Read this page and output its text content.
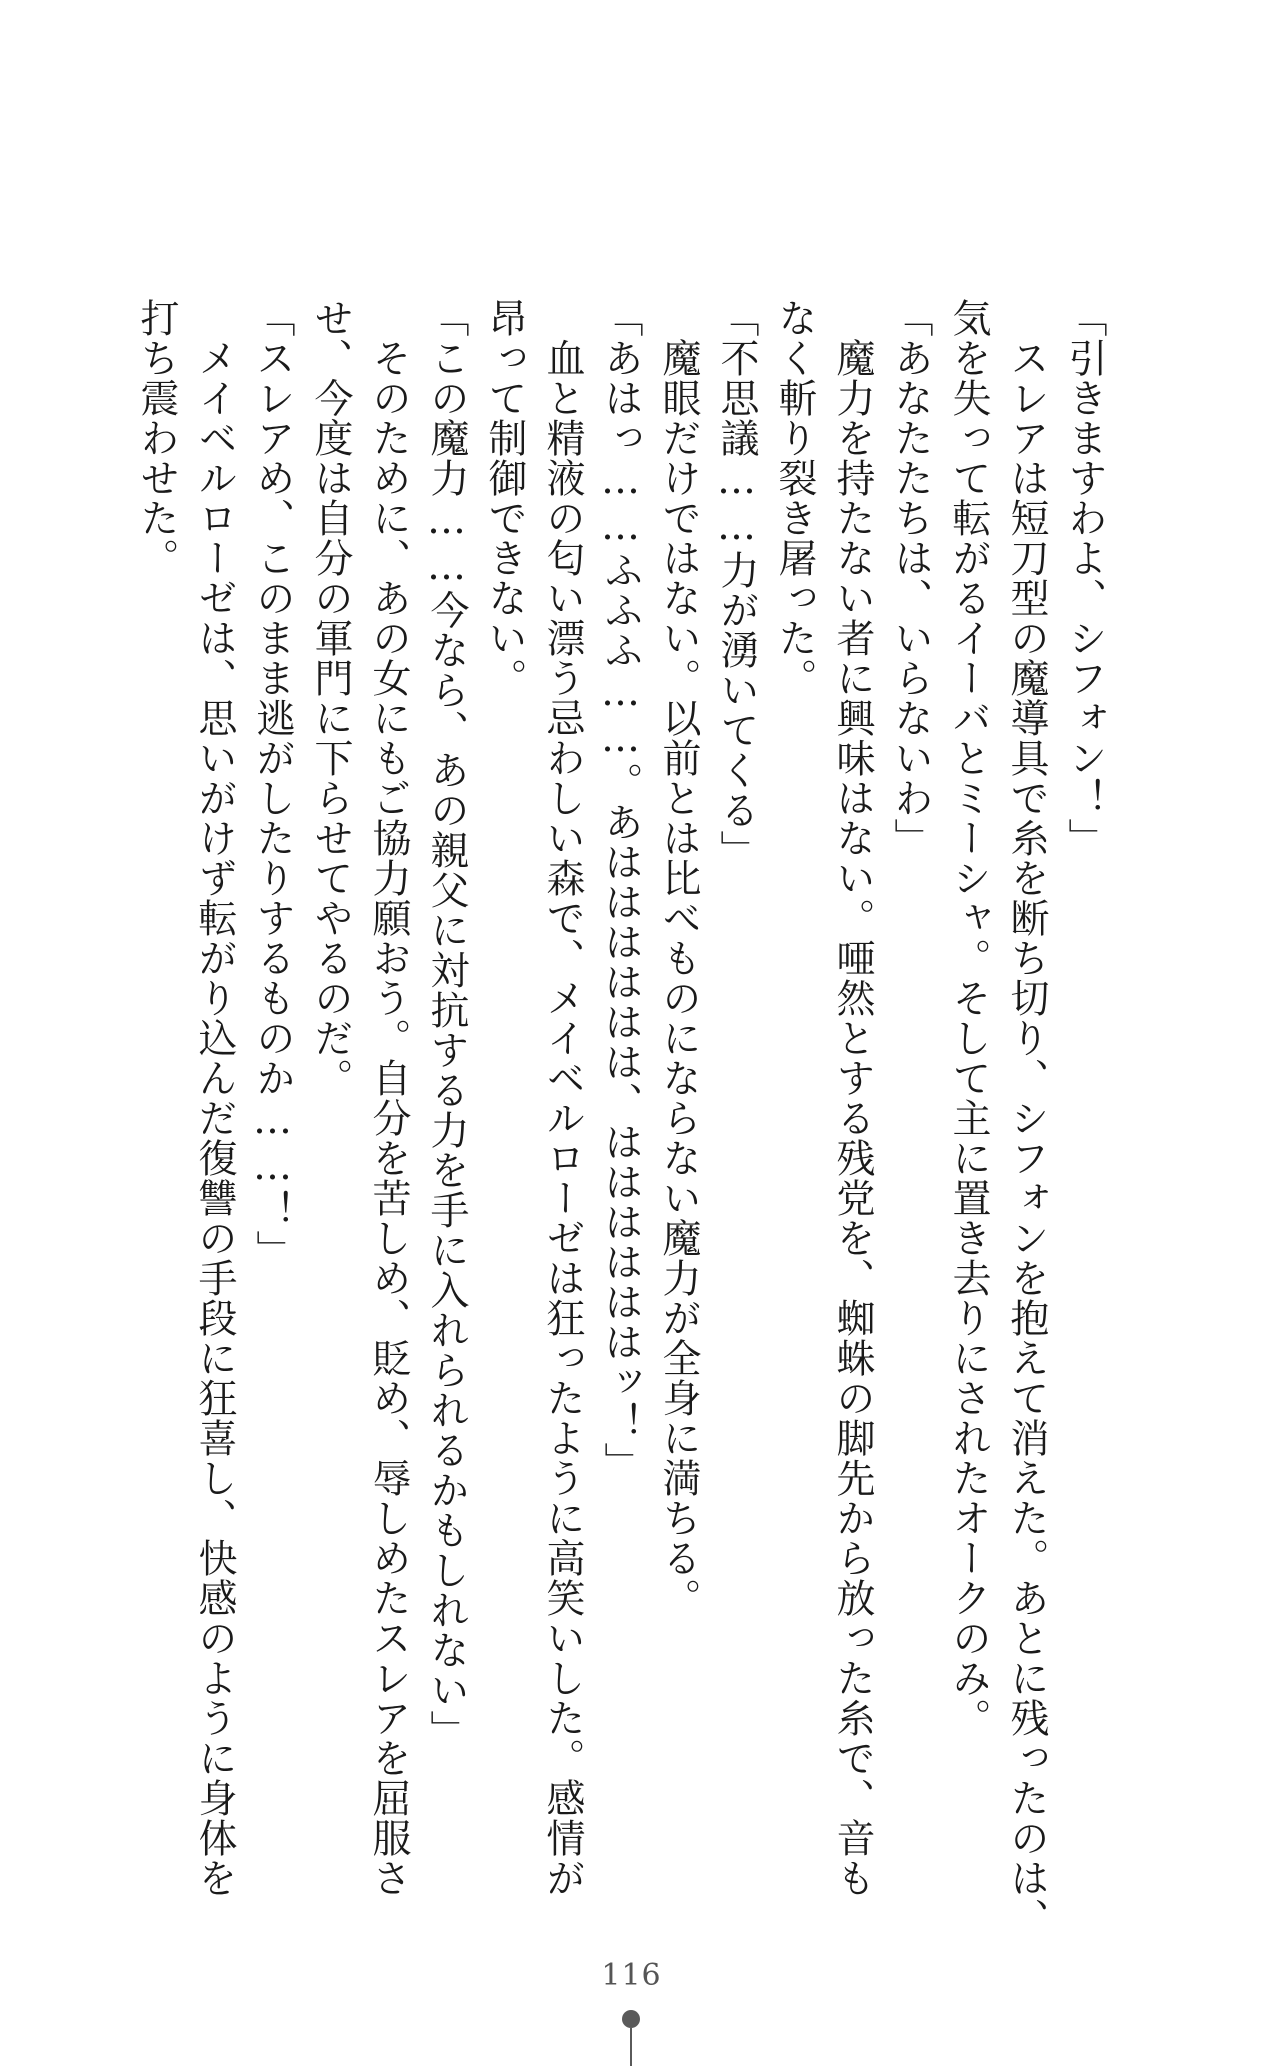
「引きますわよ、シフォン！」

　スレアは短刀型の魔導具で糸を断ち切り、シフォンを抱えて消えた。あとに残ったのは、

気を失って転がるイーバとミーシャ。そして主に置き去りにされたオークのみ。

「あなたたちは、いらないわ」

　魔力を持たない者に興味はない。唖然とする残党を、蜘蛛の脚先から放った糸で、音も

なく斬り裂き屠った。

「不思議……力が湧いてくる」

　魔眼だけではない。以前とは比べものにならない魔力が全身に満ちる。

「あはっ……ふふふ……。あはははははは、ははははははッ！」

　血と精液の匂い漂う忌わしい森で、メイベルローゼは狂ったように高笑いした。感情が

昂って制御できない。

「この魔力……今なら、あの親父に対抗する力を手に入れられるかもしれない」

　そのために、あの女にもご協力願おう。自分を苦しめ、貶め、辱しめたスレアを屈服さ

せ、今度は自分の軍門に下らせてやるのだ。

「スレアめ、このまま逃がしたりするものか……！」

　メイベルローゼは、思いがけず転がり込んだ復讐の手段に狂喜し、快感のように身体を

打ち震わせた。

116
